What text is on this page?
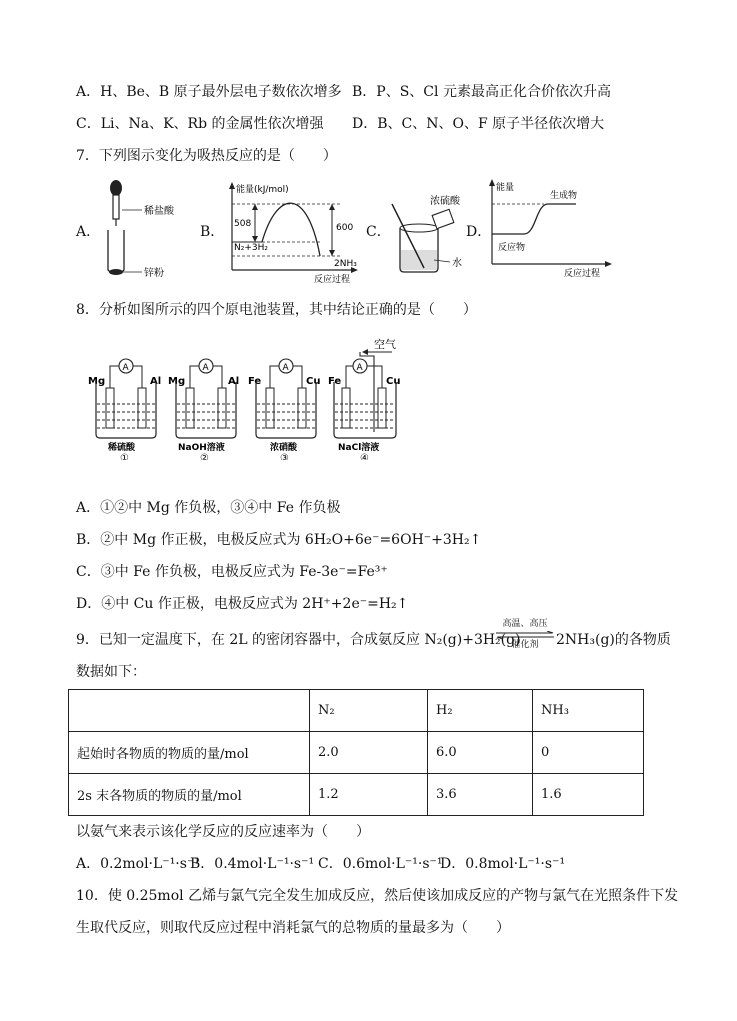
A．H、Be、B 原子最外层电子数依次增多 B．P、S、Cl 元素最高正化合价依次升高
C．Li、Na、K、Rb 的金属性依次增强 D．B、C、N、O、F 原子半径依次增大
7．下列图示变化为吸热反应的是（　　）
A．
稀盐酸
锌粉
B．
能量(kJ/mol)
508	600
N₂+3H₂
2NH₃
反应过程
C．
浓硫酸
水
D．
能量
生成物
反应物
反应过程
8．分析如图所示的四个原电池装置，其中结论正确的是（　　）
Mg	Al
A
稀硫酸
①
Mg	Al
A
NaOH溶液
②
Fe	Cu
A
浓硝酸
③
空气
Fe	Cu
A
NaCl溶液
④
A．①②中 Mg 作负极，③④中 Fe 作负极
B．②中 Mg 作正极，电极反应式为 6H₂O+6e⁻=6OH⁻+3H₂↑
C．③中 Fe 作负极，电极反应式为 Fe-3e⁻=Fe³⁺
D．④中 Cu 作正极，电极反应式为 2H⁺+2e⁻=H₂↑
9．已知一定温度下，在 2L 的密闭容器中，合成氨反应 N₂(g)+3H₂(g)
高温、高压
催化剂	2NH₃(g)的各物质
数据如下：
	N₂	H₂	NH₃
起始时各物质的物质的量/mol	2.0	6.0	0
2s 末各物质的物质的量/mol	1.2	3.6	1.6
以氨气来表示该化学反应的反应速率为（　　）
A．0.2mol·L⁻¹·s⁻¹
B．0.4mol·L⁻¹·s⁻¹ C．0.6mol·L⁻¹·s⁻¹
D．0.8mol·L⁻¹·s⁻¹
10．使 0.25mol 乙烯与氯气完全发生加成反应，然后使该加成反应的产物与氯气在光照条件下发
生取代反应，则取代反应过程中消耗氯气的总物质的量最多为（　　）
